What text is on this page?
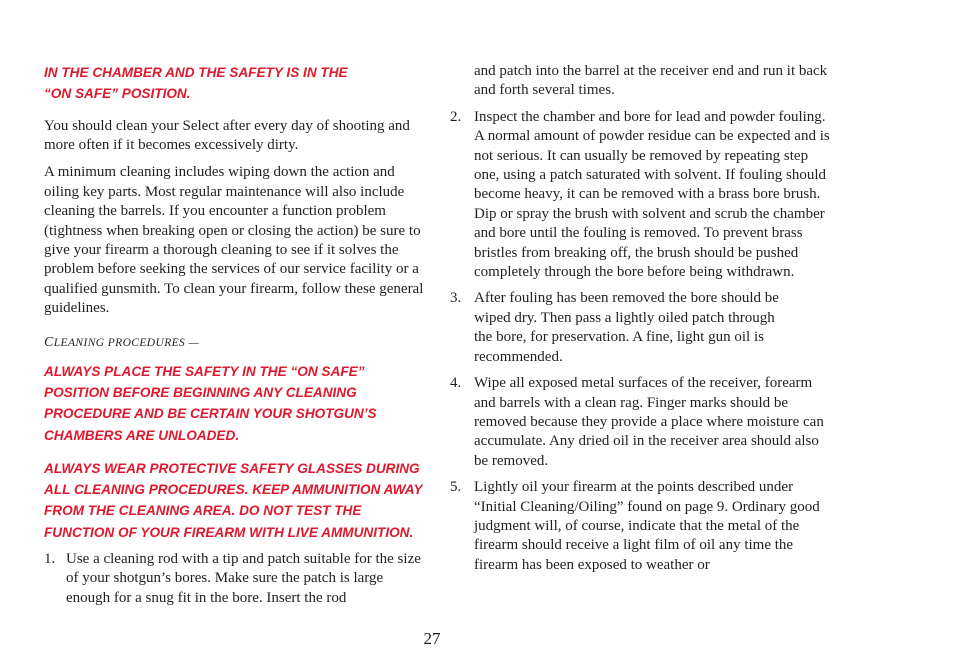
IN THE CHAMBER AND THE SAFETY IS IN THE
“ON SAFE” POSITION.

You should clean your Select after every day of shooting and more often if it becomes excessively dirty.

A minimum cleaning includes wiping down the action and oiling key parts. Most regular maintenance will also include cleaning the barrels. If you encounter a function problem (tightness when breaking open or closing the action) be sure to give your firearm a thorough cleaning to see if it solves the problem before seeking the services of our service facility or a qualified gunsmith. To clean your firearm, follow these general guidelines.

CLEANING PROCEDURES —

ALWAYS PLACE THE SAFETY IN THE “ON SAFE” POSITION BEFORE BEGINNING ANY CLEANING PROCEDURE AND BE CERTAIN YOUR SHOTGUN’S CHAMBERS ARE UNLOADED.

ALWAYS WEAR PROTECTIVE SAFETY GLASSES DURING ALL CLEANING PROCEDURES. KEEP AMMUNITION AWAY FROM THE CLEANING AREA. DO NOT TEST THE FUNCTION OF YOUR FIREARM WITH LIVE AMMUNITION.

1. Use a cleaning rod with a tip and patch suitable for the size of your shotgun’s bores. Make sure the patch is large enough for a snug fit in the bore. Insert the rod

and patch into the barrel at the receiver end and run it back and forth several times.

2. Inspect the chamber and bore for lead and powder fouling. A normal amount of powder residue can be expected and is not serious. It can usually be removed by repeating step one, using a patch saturated with solvent. If fouling should become heavy, it can be removed with a brass bore brush. Dip or spray the brush with solvent and scrub the chamber and bore until the fouling is removed. To prevent brass bristles from breaking off, the brush should be pushed completely through the bore before being withdrawn.
3. After fouling has been removed the bore should be wiped dry. Then pass a lightly oiled patch through the bore, for preservation. A fine, light gun oil is recommended.
4. Wipe all exposed metal surfaces of the receiver, forearm and barrels with a clean rag. Finger marks should be removed because they provide a place where moisture can accumulate. Any dried oil in the receiver area should also be removed.
5. Lightly oil your firearm at the points described under “Initial Cleaning/Oiling” found on page 9. Ordinary good judgment will, of course, indicate that the metal of the firearm should receive a light film of oil any time the firearm has been exposed to weather or
27
